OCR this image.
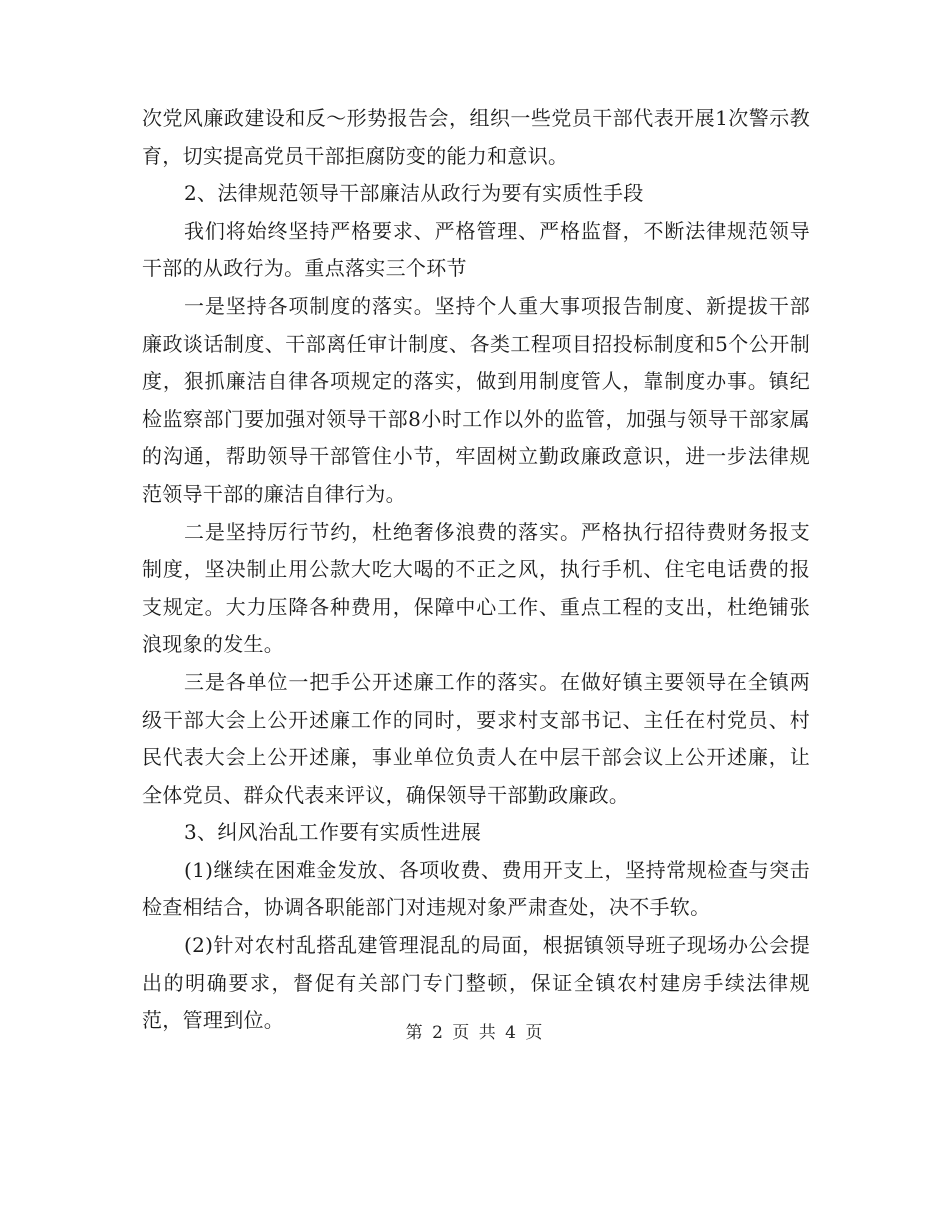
次党风廉政建设和反～形势报告会，组织一些党员干部代表开展1次警示教育，切实提高党员干部拒腐防变的能力和意识。

2、法律规范领导干部廉洁从政行为要有实质性手段

我们将始终坚持严格要求、严格管理、严格监督，不断法律规范领导干部的从政行为。重点落实三个环节

一是坚持各项制度的落实。坚持个人重大事项报告制度、新提拔干部廉政谈话制度、干部离任审计制度、各类工程项目招投标制度和5个公开制度，狠抓廉洁自律各项规定的落实，做到用制度管人，靠制度办事。镇纪检监察部门要加强对领导干部8小时工作以外的监管，加强与领导干部家属的沟通，帮助领导干部管住小节，牢固树立勤政廉政意识，进一步法律规范领导干部的廉洁自律行为。

二是坚持厉行节约，杜绝奢侈浪费的落实。严格执行招待费财务报支制度，坚决制止用公款大吃大喝的不正之风，执行手机、住宅电话费的报支规定。大力压降各种费用，保障中心工作、重点工程的支出，杜绝铺张浪现象的发生。

三是各单位一把手公开述廉工作的落实。在做好镇主要领导在全镇两级干部大会上公开述廉工作的同时，要求村支部书记、主任在村党员、村民代表大会上公开述廉，事业单位负责人在中层干部会议上公开述廉，让全体党员、群众代表来评议，确保领导干部勤政廉政。

3、纠风治乱工作要有实质性进展

(1)继续在困难金发放、各项收费、费用开支上，坚持常规检查与突击检查相结合，协调各职能部门对违规对象严肃查处，决不手软。

(2)针对农村乱搭乱建管理混乱的局面，根据镇领导班子现场办公会提出的明确要求，督促有关部门专门整顿，保证全镇农村建房手续法律规范，管理到位。

第 2 页 共 4 页
